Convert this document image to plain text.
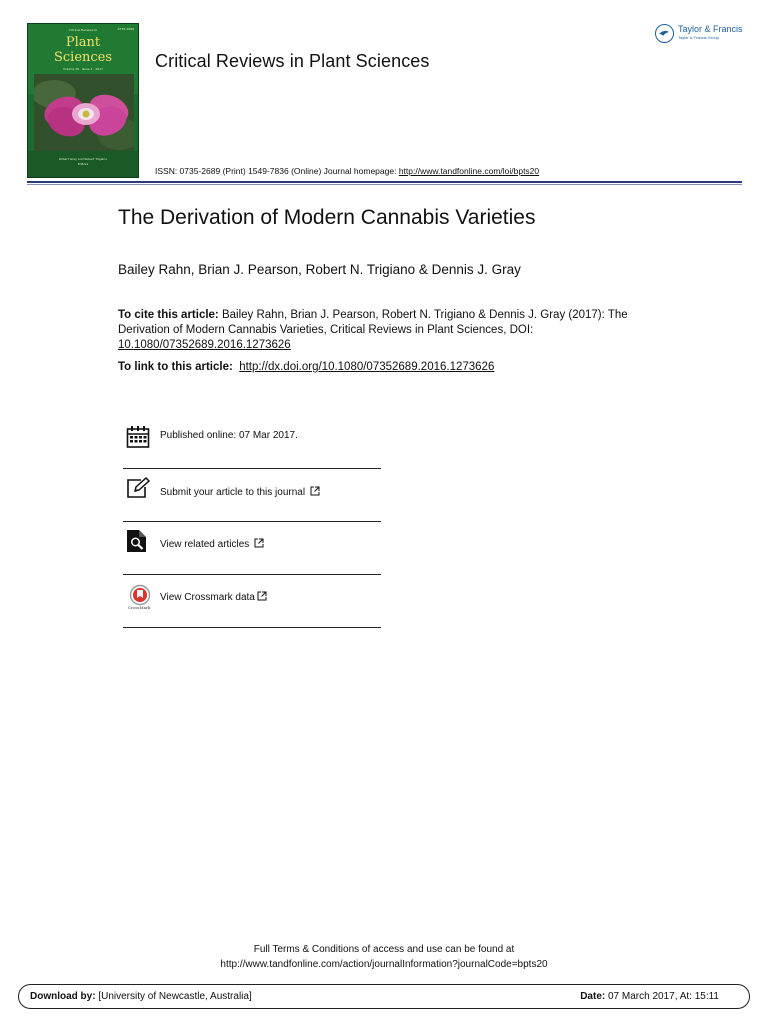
0735-2689
Critical Reviews in
Plant
Sciences
Volume 36 · Issue 1 · 2017
Robert Gray and Robert Trigiano
Editors
Critical Reviews in Plant Sciences
Taylor & Francis
Taylor & Francis Group
ISSN: 0735-2689 (Print) 1549-7836 (Online) Journal homepage: http://www.tandfonline.com/loi/bpts20
The Derivation of Modern Cannabis Varieties
Bailey Rahn, Brian J. Pearson, Robert N. Trigiano & Dennis J. Gray
To cite this article: Bailey Rahn, Brian J. Pearson, Robert N. Trigiano & Dennis J. Gray (2017): The Derivation of Modern Cannabis Varieties, Critical Reviews in Plant Sciences, DOI: 10.1080/07352689.2016.1273626
To link to this article: http://dx.doi.org/10.1080/07352689.2016.1273626
Published online: 07 Mar 2017.
Submit your article to this journal
View related articles
CrossMark
View Crossmark data
Full Terms & Conditions of access and use can be found at
http://www.tandfonline.com/action/journalInformation?journalCode=bpts20
Download by: [University of Newcastle, Australia]	Date: 07 March 2017, At: 15:11
